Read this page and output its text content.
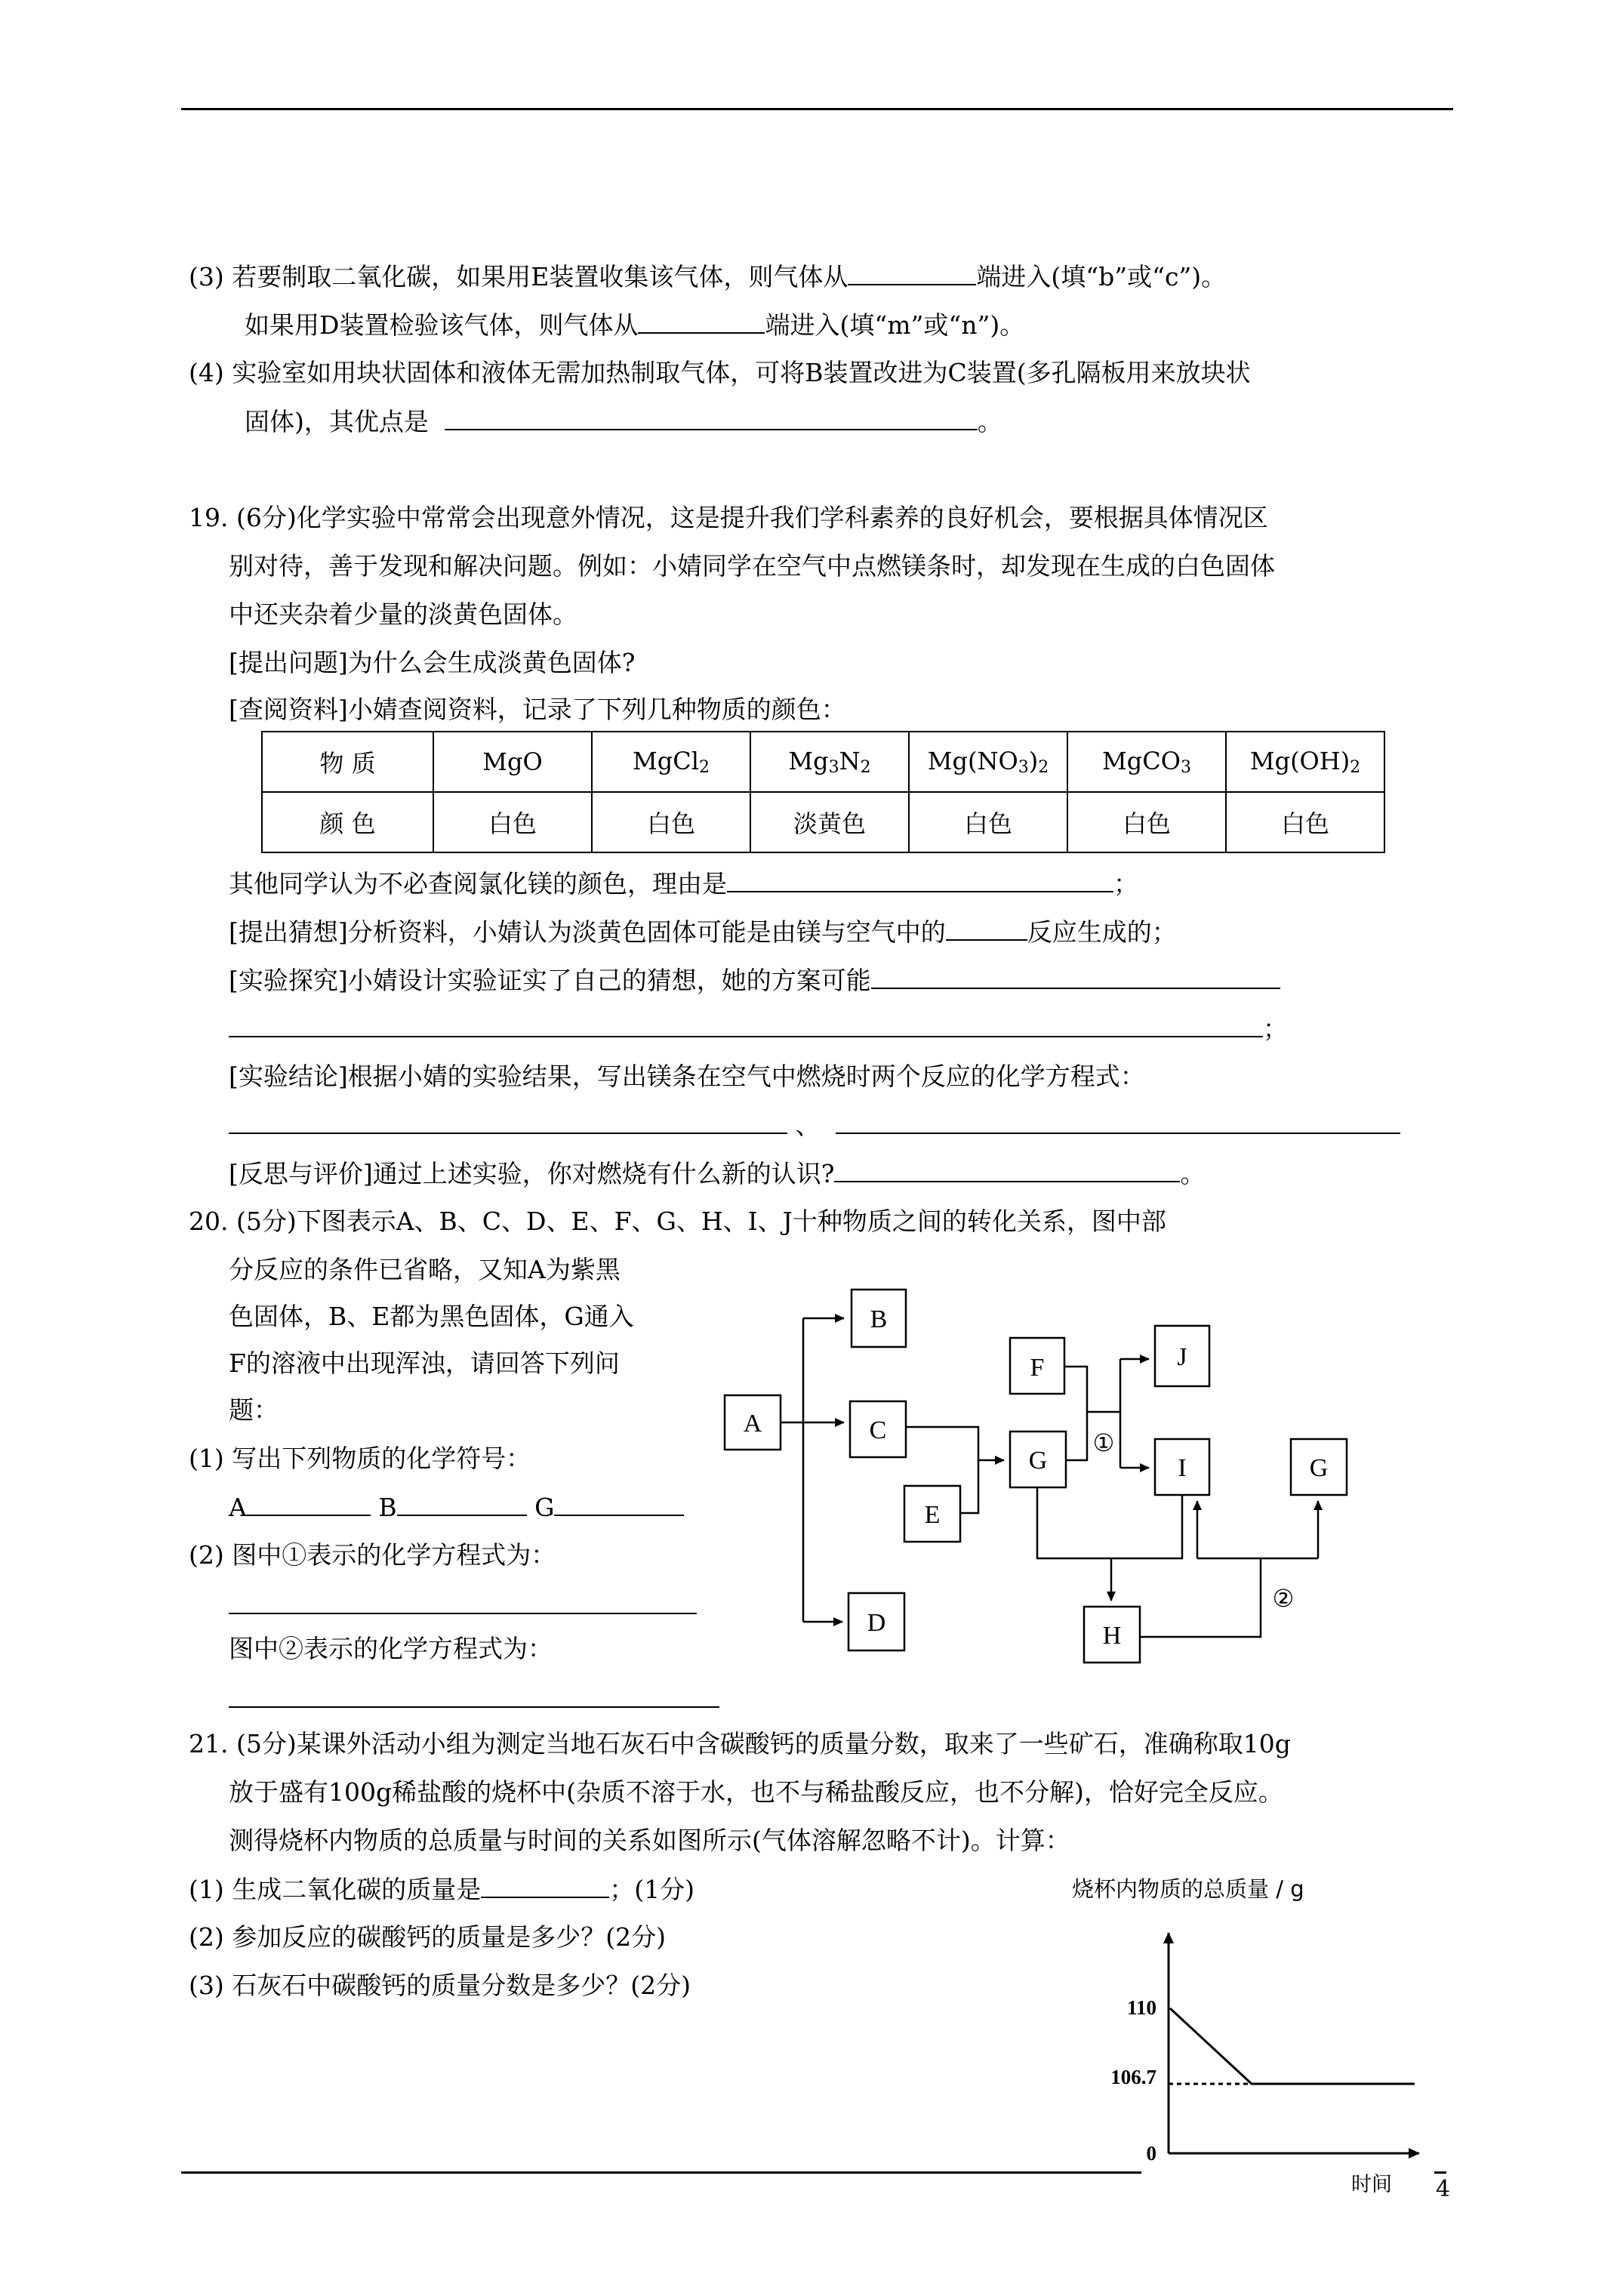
(3) 若要制取二氧化碳，如果用E装置收集该气体，则气体从	端进入(填“b”或“c”)。
如果用D装置检验该气体，则气体从	端进入(填“m”或“n”)。
(4) 实验室如用块状固体和液体无需加热制取气体，可将B装置改进为C装置(多孔隔板用来放块状
固体)，其优点是	。
19. (6分)化学实验中常常会出现意外情况，这是提升我们学科素养的良好机会，要根据具体情况区
别对待，善于发现和解决问题。例如：小婧同学在空气中点燃镁条时，却发现在生成的白色固体
中还夹杂着少量的淡黄色固体。
[提出问题]为什么会生成淡黄色固体?
[查阅资料]小婧查阅资料，记录了下列几种物质的颜色：
物 质	MgO	MgCl$_2$	$Mg_3N_2$	$Mg(NO_3)_2$	MgCO$_3$	$Mg(OH)_2$
颜 色	白色	白色	淡黄色	白色	白色	白色
其他同学认为不必查阅氯化镁的颜色，理由是	；
[提出猜想]分析资料，小婧认为淡黄色固体可能是由镁与空气中的	反应生成的；
[实验探究]小婧设计实验证实了自己的猜想，她的方案可能
；
[实验结论]根据小婧的实验结果，写出镁条在空气中燃烧时两个反应的化学方程式：
、
[反思与评价]通过上述实验，你对燃烧有什么新的认识?	。
20. (5分)下图表示A、B、C、D、E、F、G、H、I、J十种物质之间的转化关系，图中部
分反应的条件已省略，又知A为紫黑
色固体，B、E都为黑色固体，G通入
F的溶液中出现浑浊，请回答下列问
题：
(1) 写出下列物质的化学符号：
A	B	G
(2) 图中①表示的化学方程式为：
图中②表示的化学方程式为：
A
B
C
D
E
F
G
J
I	G
H
①
②
21. (5分)某课外活动小组为测定当地石灰石中含碳酸钙的质量分数，取来了一些矿石，准确称取10g
放于盛有100g稀盐酸的烧杯中(杂质不溶于水，也不与稀盐酸反应，也不分解)，恰好完全反应。
测得烧杯内物质的总质量与时间的关系如图所示(气体溶解忽略不计)。计算：
(1) 生成二氧化碳的质量是	；(1分)
(2) 参加反应的碳酸钙的质量是多少？(2分)
(3) 石灰石中碳酸钙的质量分数是多少？(2分)
烧杯内物质的总质量 / g
110
106.7
0
时间 4
